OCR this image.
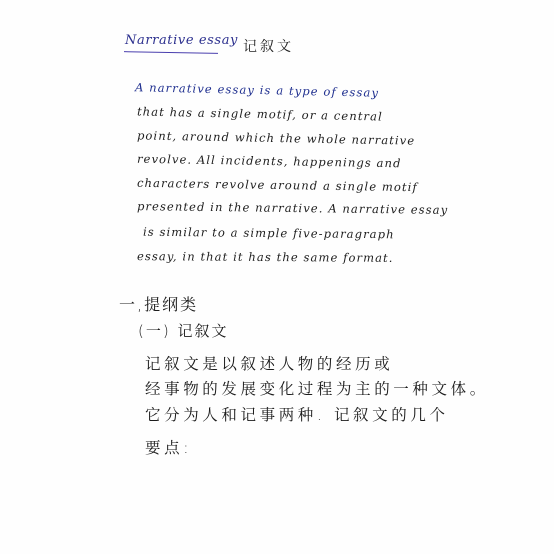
Narrative essay 记叙文
A narrative essay is a type of essay
that has a single motif, or a central
point, around which the whole narrative
revolve. All incidents, happenings and
characters revolve around a single motif
presented in the narrative. A narrative essay
is similar to a simple five-paragraph
essay, in that it has the same format.
一,提纲类
(一) 记叙文
记叙文是以叙述人物的经历或
经事物的发展变化过程为主的一种文体。
它分为人和记事两种. 记叙文的几个
要点:
